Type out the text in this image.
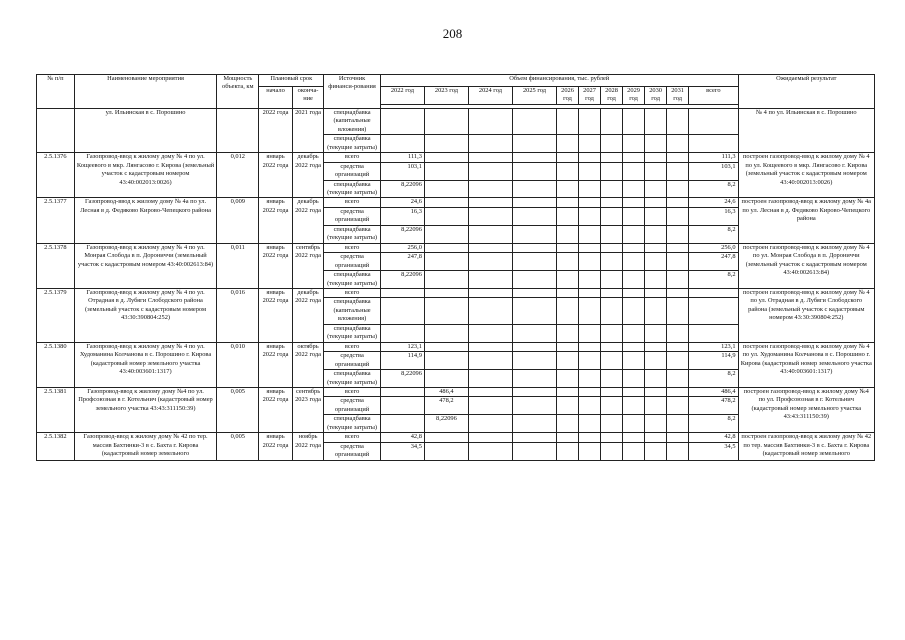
208
№ п/п	Наименование мероприятия	Мощность объекта, км	Плановый срок		Источник финанси-рования	Объем финансирования, тыс. рублей											Ожидаемый результат
			начало	оконча-ние		2022 год	2023 год	2024 год	2025 год	2026 год	2027 год	2028 год	2029 год	2030 год	2031 год	всего	

	ул. Ильинская в с. Порошино		2022 года	2021 года	спецнадбавка (капитальные вложения)												№ 4 по ул. Ильинская в с. Порошино
					спецнадбавка (текущие затраты)												
2.5.1376	Газопровод-ввод к жилому дому № 4 по ул. Кощеевого в мкр. Лянгасово г. Кирова (земельный участок с кадастровым номером 43:40:002013:0026)	0,012	январь 2022 года	декабрь 2022 года	всего	111,3										111,3	построен газопровод-ввод к жилому дому № 4 по ул. Кощеевого в мкр. Лянгасово г. Кирова (земельный участок с кадастровым номером 43:40:002013:0026)
					средства организаций	103,1										103,1	
					спецнадбавка (текущие затраты)	8,22096										8,2	
2.5.1377	Газопровод-ввод к жилому дому № 4а по ул. Лесная в д. Федяково Кирово-Чепецкого района	0,009	январь 2022 года	декабрь 2022 года	всего	24,6										24,6	построен газопровод-ввод к жилому дому № 4а по ул. Лесная в д. Федяково Кирово-Чепецкого района
					средства организаций	16,3										16,3	
					спецнадбавка (текущие затраты)	8,22096										8,2	
2.5.1378	Газопровод-ввод к жилому дому № 4 по ул. Монрая Слобода в п. Дорониччи (земельный участок с кадастровым номером 43:40:002613:84)	0,011	январь 2022 года	сентябрь 2022 года	всего	256,0										256,0	построен газопровод-ввод к жилому дому № 4 по ул. Монрая Слобода в п. Дорониччи (земельный участок с кадастровым номером 43:40:002613:84)
					средства организаций	247,8										247,8	
					спецнадбавка (текущие затраты)	8,22096										8,2	
2.5.1379	Газопровод-ввод к жилому дому № 4 по ул. Отрадная в д. Лубяги Слободского района (земельный участок с кадастровым номером 43:30:390804:252)	0,016	январь 2022 года	декабрь 2022 года	всего												построен газопровод-ввод к жилому дому № 4 по ул. Отрадная в д. Лубяги Слободского района (земельный участок с кадастровым номером 43:30:390804:252)
					спецнадбавка (капитальные вложения)												
					спецнадбавка (текущие затраты)												
2.5.1380	Газопровод-ввод к жилому дому № 4 по ул. Худоманина Колчанова в с. Порошино г. Кирова (кадастровый номер земельного участка 43:40:003601:1317)	0,010	январь 2022 года	октябрь 2022 года	всего	123,1										123,1	построен газопровод-ввод к жилому дому № 4 по ул. Худоманина Колчанова в с. Порошино г. Кирова (кадастровый номер земельного участка 43:40:003601:1317)
					средства организаций	114,9										114,9	
					спецнадбавка (текущие затраты)	8,22096										8,2	
2.5.1381	Газопровод-ввод к жилому дому №4 по ул. Профсоюзная в г. Котельнич (кадастровый номер земельного участка 43:43:311150:39)	0,005	январь 2022 года	сентябрь 2023 года	всего		486,4									486,4	построен газопровод-ввод к жилому дому №4 по ул. Профсоюзная в г. Котельнич (кадастровый номер земельного участка 43:43:311150:39)
					средства организаций		478,2									478,2	
					спецнадбавка (текущие затраты)		8,22096									8,2	
2.5.1382	Газопровод-ввод к жилому дому № 42 по тер. массив Бахтинки-3 в с. Бахта г. Кирова (кадастровый номер земельного	0,005	январь 2022 года	ноябрь 2022 года	всего	42,8										42,8	построен газопровод-ввод к жилому дому № 42 по тер. массив Бахтинки-3 в с. Бахта г. Кирова (кадастровый номер земельного
					средства организаций	34,5										34,5	
